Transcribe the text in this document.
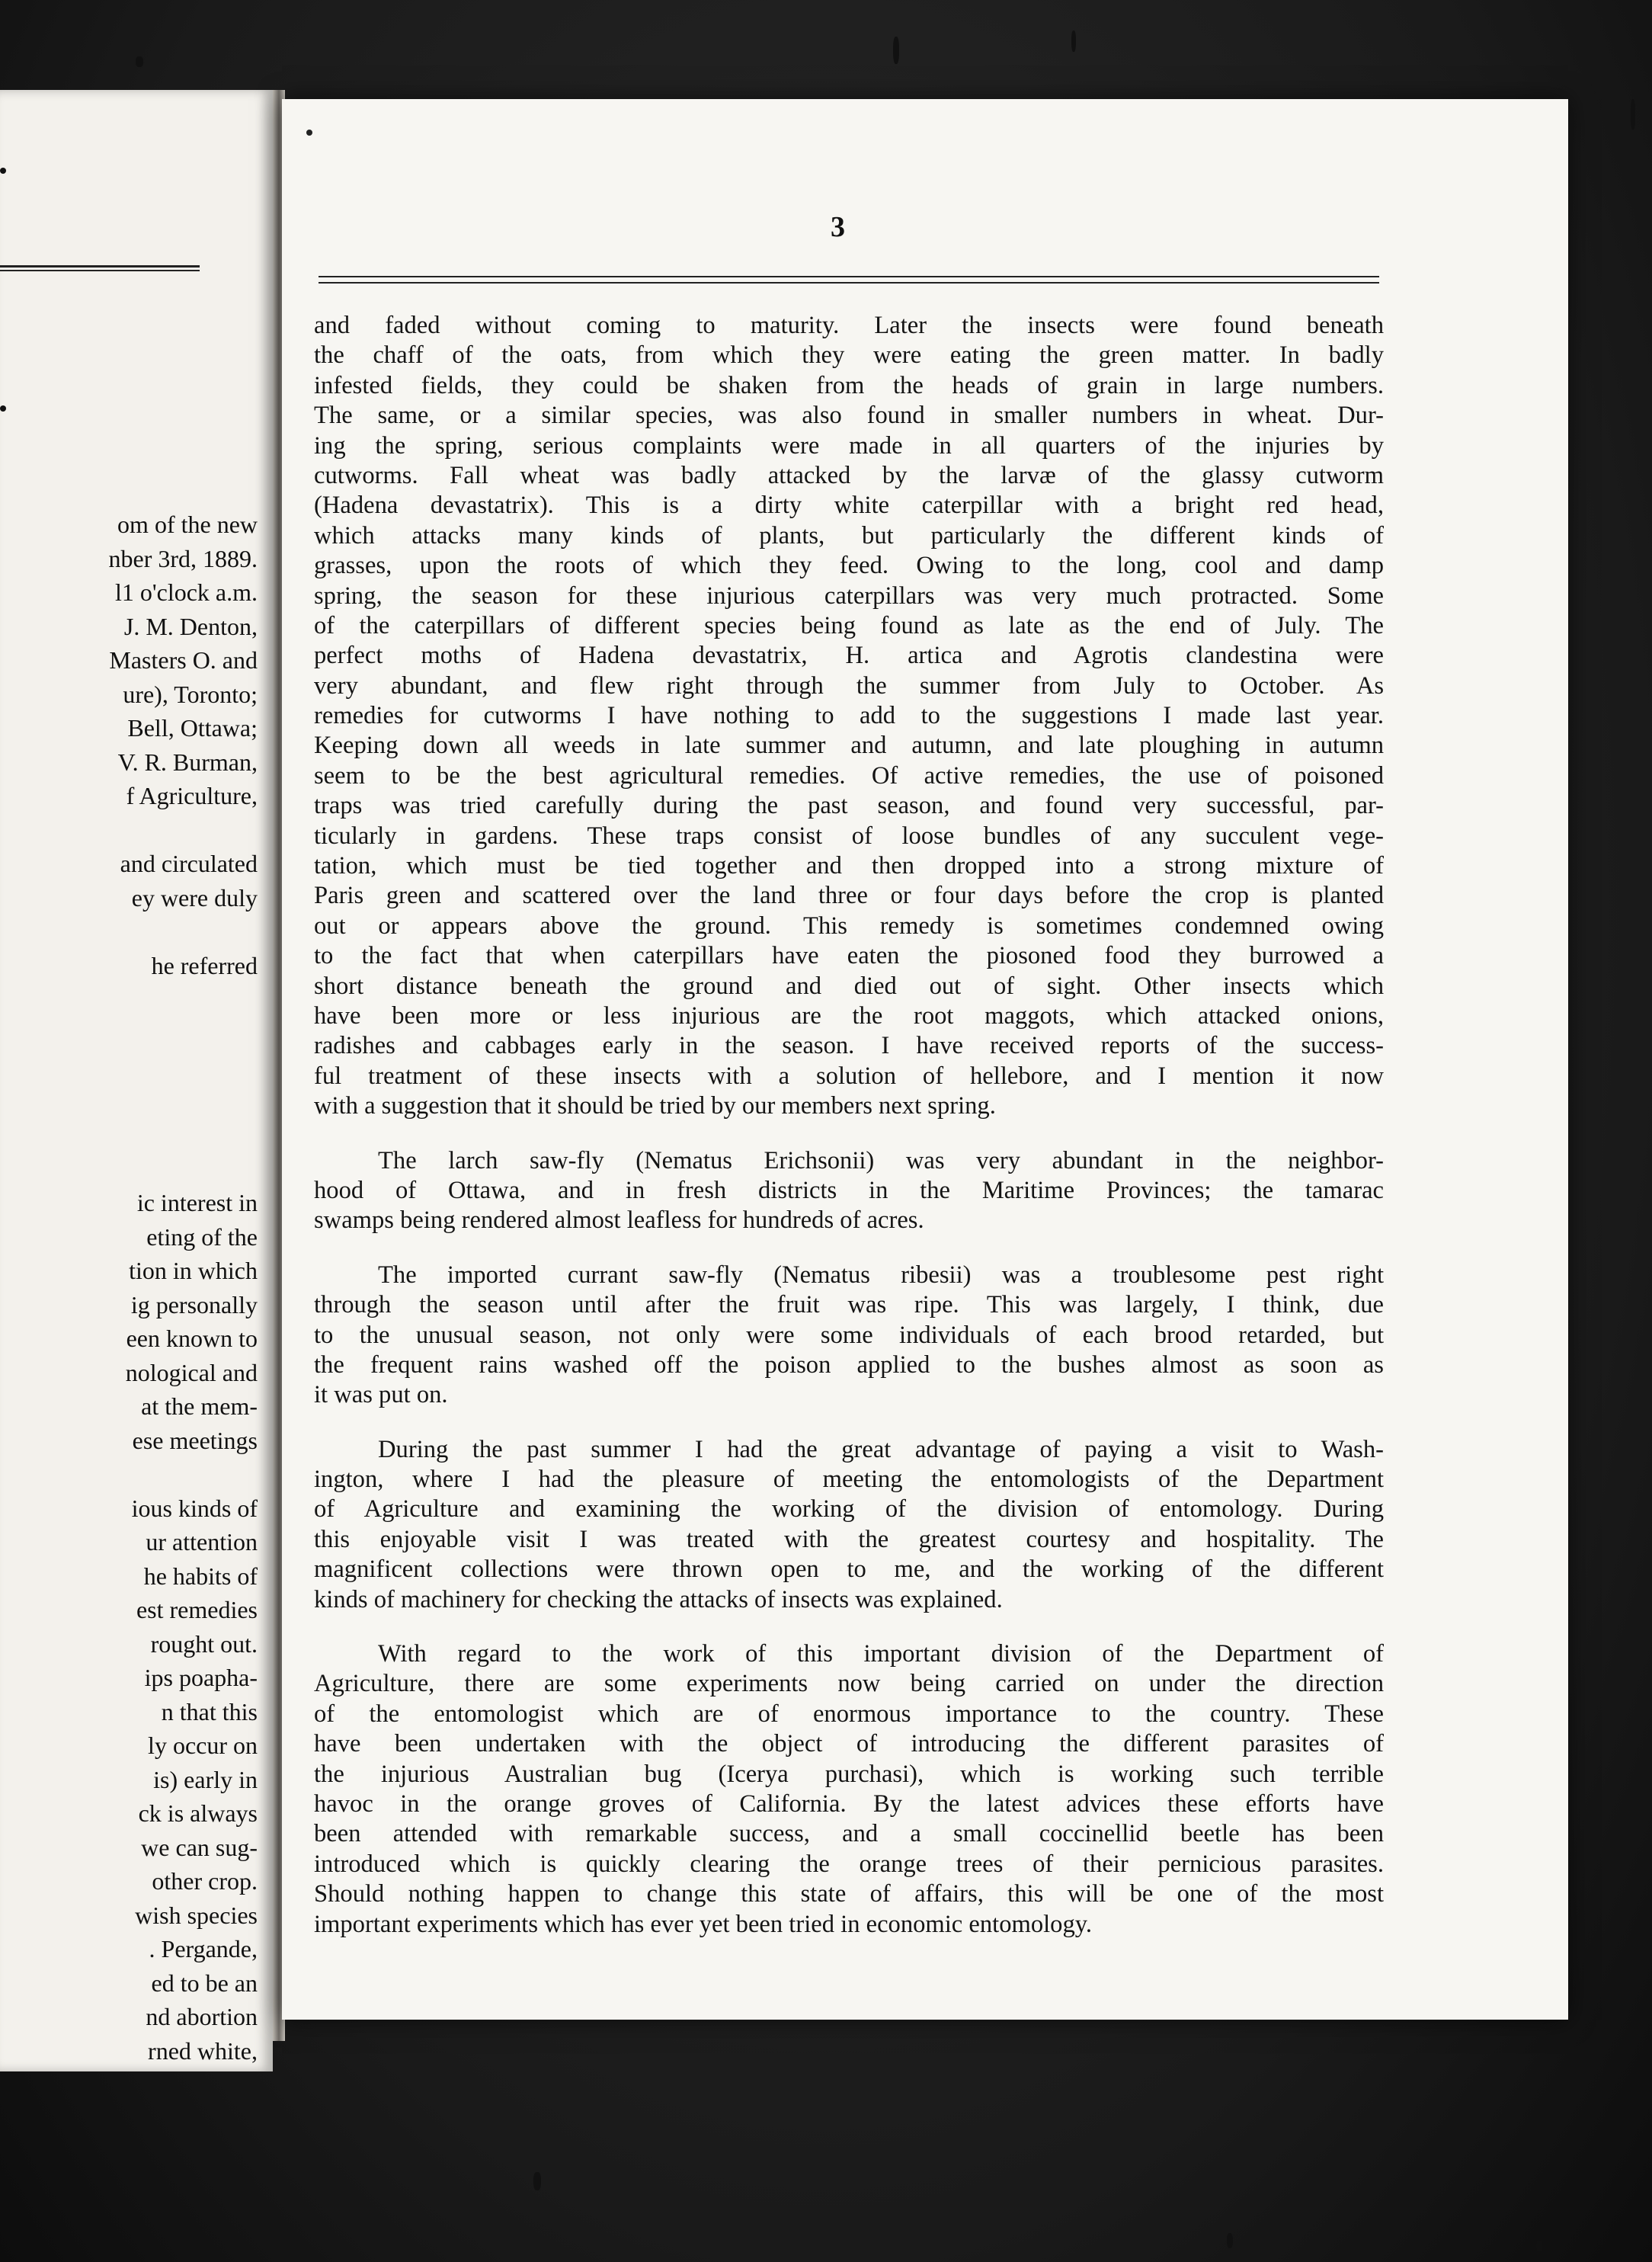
om of the new
nber 3rd, 1889.
l1 o'clock a.m.
J. M. Denton,
Masters O. and
ure), Toronto;
Bell, Ottawa;
V. R. Burman,
f Agriculture,
and circulated
ey were duly
he referred
ic interest in
eting of the
tion in which
ig personally
een known to
nological and
at the mem-
ese meetings
ious kinds of
ur attention
he habits of
est remedies
rought out.
ips poapha-
n that this
ly occur on
is) early in
ck is always
we can sug-
other crop.
wish species
. Pergande,
ed to be an
nd abortion
rned white,
3
and faded without coming to maturity. Later the insects were found beneath
the chaff of the oats, from which they were eating the green matter. In badly
infested fields, they could be shaken from the heads of grain in large numbers.
The same, or a similar species, was also found in smaller numbers in wheat. Dur-
ing the spring, serious complaints were made in all quarters of the injuries by
cutworms. Fall wheat was badly attacked by the larvæ of the glassy cutworm
(Hadena devastatrix). This is a dirty white caterpillar with a bright red head,
which attacks many kinds of plants, but particularly the different kinds of
grasses, upon the roots of which they feed. Owing to the long, cool and damp
spring, the season for these injurious caterpillars was very much protracted. Some
of the caterpillars of different species being found as late as the end of July. The
perfect moths of Hadena devastatrix, H. artica and Agrotis clandestina were
very abundant, and flew right through the summer from July to October. As
remedies for cutworms I have nothing to add to the suggestions I made last year.
Keeping down all weeds in late summer and autumn, and late ploughing in autumn
seem to be the best agricultural remedies. Of active remedies, the use of poisoned
traps was tried carefully during the past season, and found very successful, par-
ticularly in gardens. These traps consist of loose bundles of any succulent vege-
tation, which must be tied together and then dropped into a strong mixture of
Paris green and scattered over the land three or four days before the crop is planted
out or appears above the ground. This remedy is sometimes condemned owing
to the fact that when caterpillars have eaten the piosoned food they burrowed a
short distance beneath the ground and died out of sight. Other insects which
have been more or less injurious are the root maggots, which attacked onions,
radishes and cabbages early in the season. I have received reports of the success-
ful treatment of these insects with a solution of hellebore, and I mention it now
with a suggestion that it should be tried by our members next spring.
The larch saw-fly (Nematus Erichsonii) was very abundant in the neighbor-
hood of Ottawa, and in fresh districts in the Maritime Provinces; the tamarac
swamps being rendered almost leafless for hundreds of acres.
The imported currant saw-fly (Nematus ribesii) was a troublesome pest right
through the season until after the fruit was ripe. This was largely, I think, due
to the unusual season, not only were some individuals of each brood retarded, but
the frequent rains washed off the poison applied to the bushes almost as soon as
it was put on.
During the past summer I had the great advantage of paying a visit to Wash-
ington, where I had the pleasure of meeting the entomologists of the Department
of Agriculture and examining the working of the division of entomology. During
this enjoyable visit I was treated with the greatest courtesy and hospitality. The
magnificent collections were thrown open to me, and the working of the different
kinds of machinery for checking the attacks of insects was explained.
With regard to the work of this important division of the Department of
Agriculture, there are some experiments now being carried on under the direction
of the entomologist which are of enormous importance to the country. These
have been undertaken with the object of introducing the different parasites of
the injurious Australian bug (Icerya purchasi), which is working such terrible
havoc in the orange groves of California. By the latest advices these efforts have
been attended with remarkable success, and a small coccinellid beetle has been
introduced which is quickly clearing the orange trees of their pernicious parasites.
Should nothing happen to change this state of affairs, this will be one of the most
important experiments which has ever yet been tried in economic entomology.
